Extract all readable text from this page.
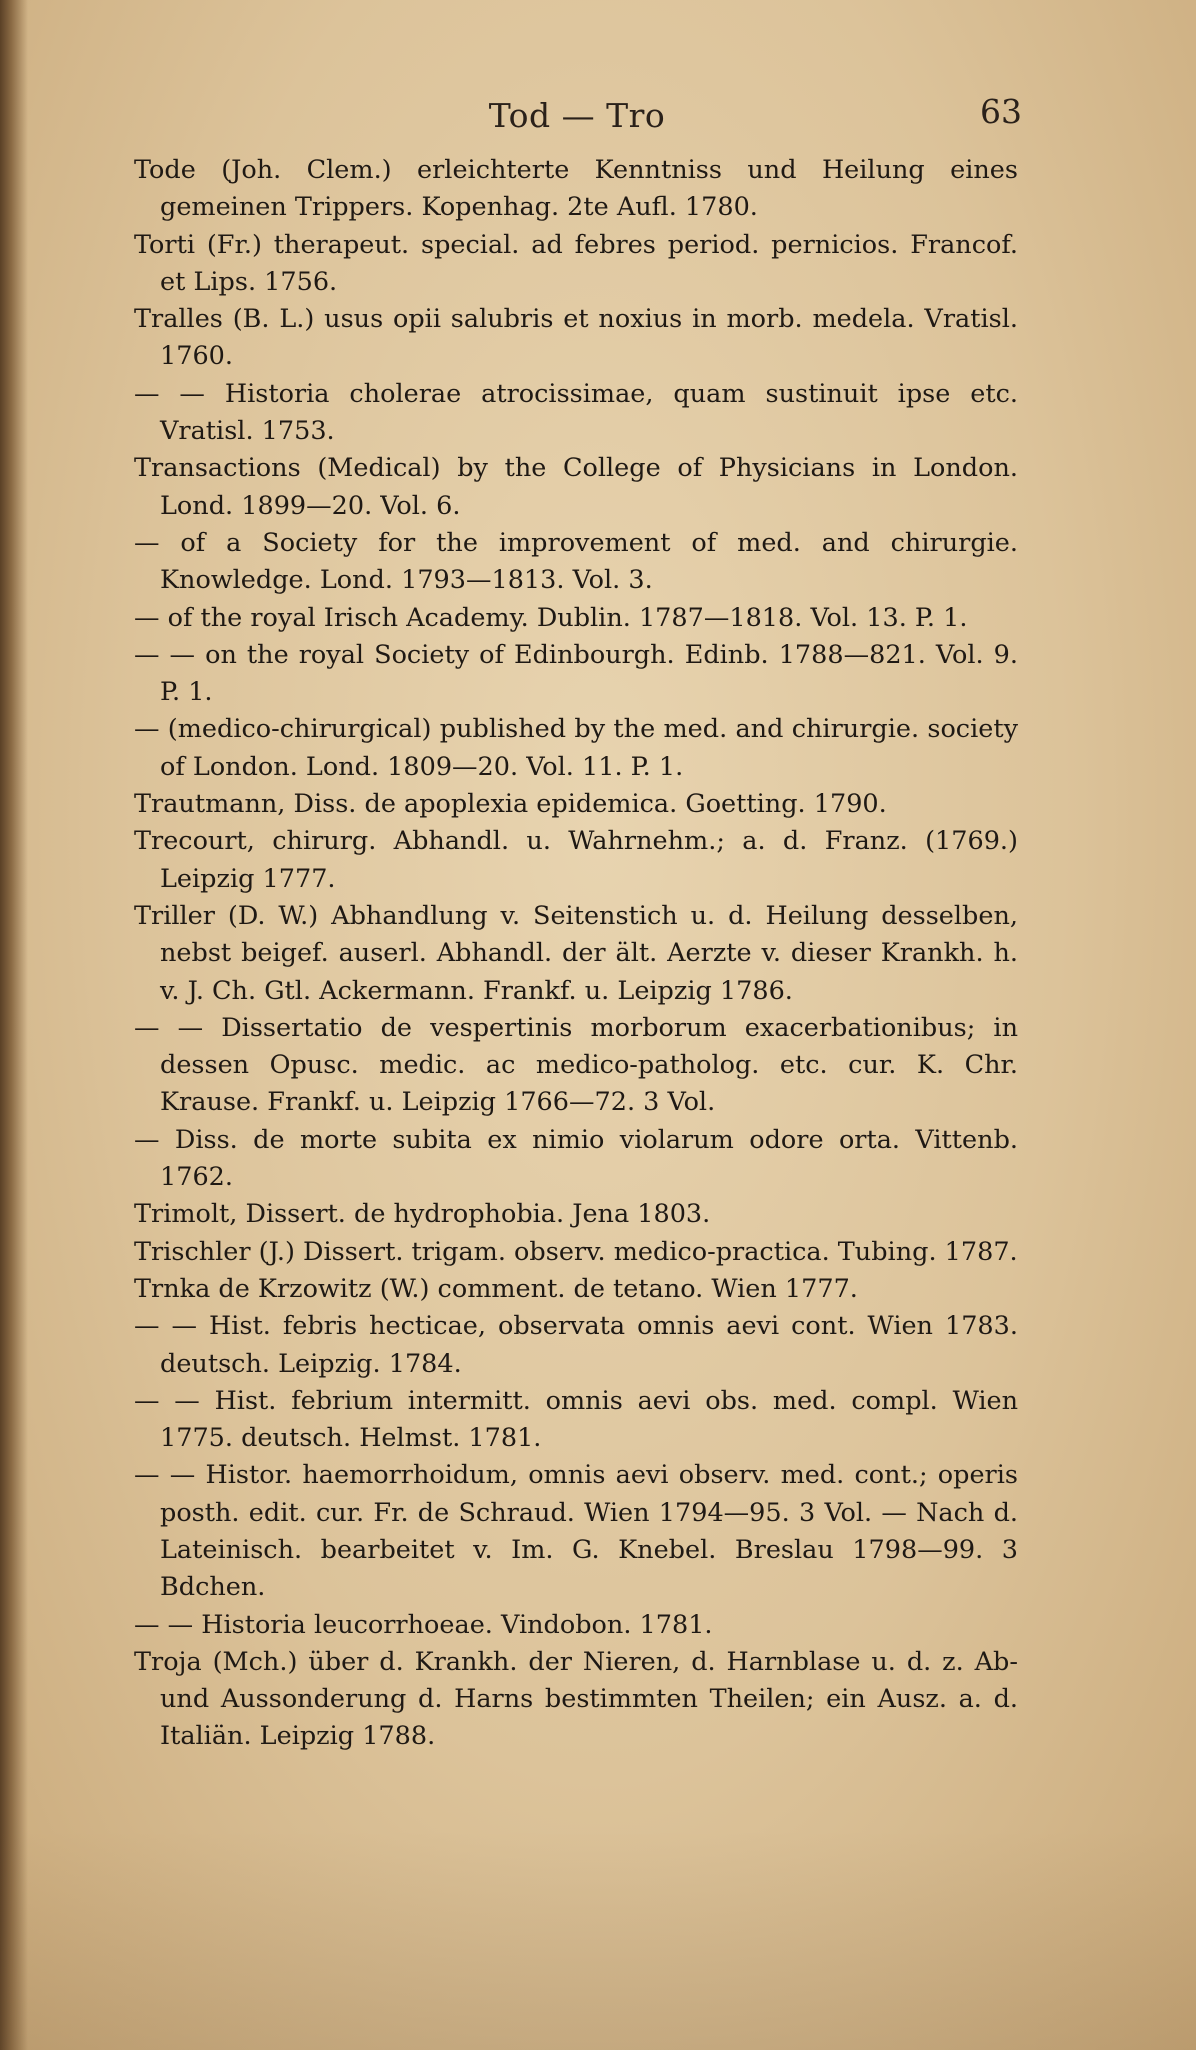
Tod — Tro	63

Tode (Joh. Clem.) erleichterte Kenntniss und Heilung eines gemeinen Trippers. Kopenhag. 2te Aufl. 1780.

Torti (Fr.) therapeut. special. ad febres period. pernicios. Francof. et Lips. 1756.

Tralles (B. L.) usus opii salubris et noxius in morb. medela. Vratisl. 1760.

— — Historia cholerae atrocissimae, quam sustinuit ipse etc. Vratisl. 1753.

Transactions (Medical) by the College of Physicians in London. Lond. 1899—20. Vol. 6.

— of a Society for the improvement of med. and chirurgie. Knowledge. Lond. 1793—1813. Vol. 3.

— of the royal Irisch Academy. Dublin. 1787—1818. Vol. 13. P. 1.

— — on the royal Society of Edinbourgh. Edinb. 1788—821. Vol. 9. P. 1.

— (medico-chirurgical) published by the med. and chirurgie. society of London. Lond. 1809—20. Vol. 11. P. 1.

Trautmann, Diss. de apoplexia epidemica. Goetting. 1790.

Trecourt, chirurg. Abhandl. u. Wahrnehm.; a. d. Franz. (1769.) Leipzig 1777.

Triller (D. W.) Abhandlung v. Seitenstich u. d. Heilung desselben, nebst beigef. auserl. Abhandl. der ält. Aerzte v. dieser Krankh. h. v. J. Ch. Gtl. Ackermann. Frankf. u. Leipzig 1786.

— — Dissertatio de vespertinis morborum exacerbationibus; in dessen Opusc. medic. ac medico-patholog. etc. cur. K. Chr. Krause. Frankf. u. Leipzig 1766—72. 3 Vol.

— Diss. de morte subita ex nimio violarum odore orta. Vittenb. 1762.

Trimolt, Dissert. de hydrophobia. Jena 1803.

Trischler (J.) Dissert. trigam. observ. medico-practica. Tubing. 1787.

Trnka de Krzowitz (W.) comment. de tetano. Wien 1777.

— — Hist. febris hecticae, observata omnis aevi cont. Wien 1783. deutsch. Leipzig. 1784.

— — Hist. febrium intermitt. omnis aevi obs. med. compl. Wien 1775. deutsch. Helmst. 1781.

— — Histor. haemorrhoidum, omnis aevi observ. med. cont.; operis posth. edit. cur. Fr. de Schraud. Wien 1794—95. 3 Vol. — Nach d. Lateinisch. bearbeitet v. Im. G. Knebel. Breslau 1798—99. 3 Bdchen.

— — Historia leucorrhoeae. Vindobon. 1781.

Troja (Mch.) über d. Krankh. der Nieren, d. Harnblase u. d. z. Ab- und Aussonderung d. Harns bestimmten Theilen; ein Ausz. a. d. Italiän. Leipzig 1788.
